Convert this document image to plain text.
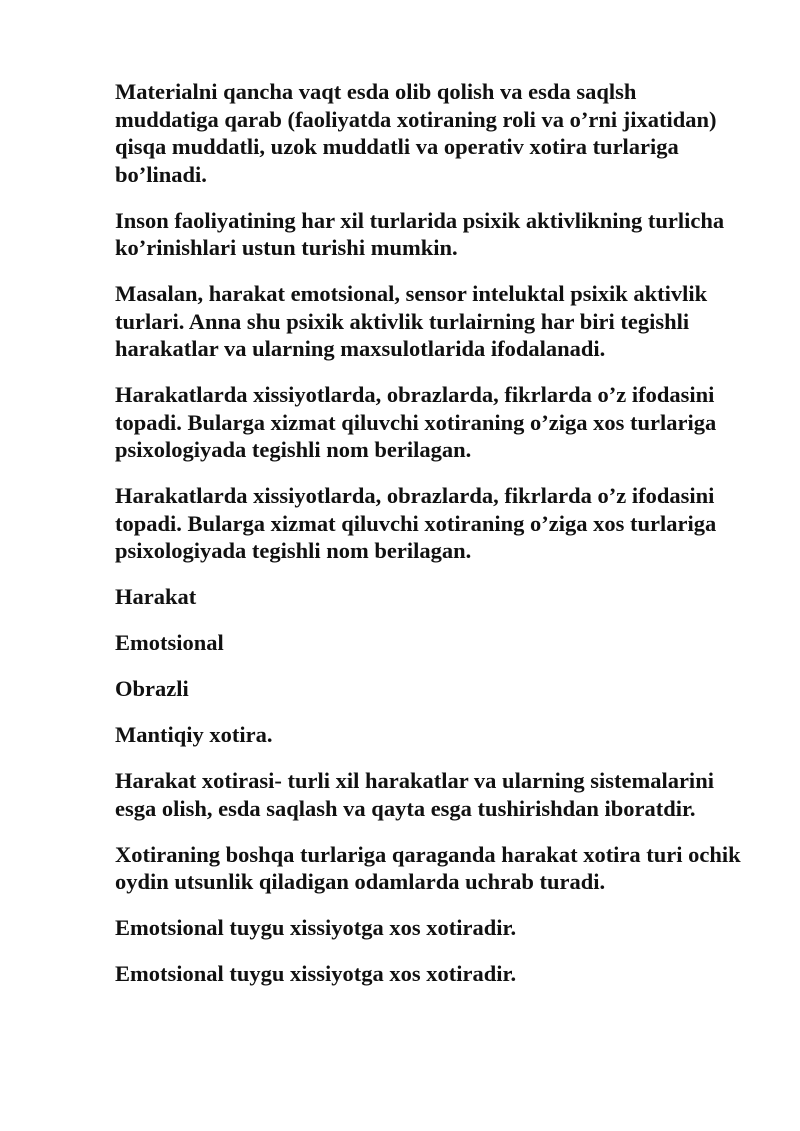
Materialni qancha vaqt esda olib qolish va esda saqlsh muddatiga qarab (faoliyatda xotiraning roli va o’rni jixatidan) qisqa muddatli, uzok muddatli va operativ xotira turlariga bo’linadi.

Inson faoliyatining har xil turlarida psixik aktivlikning turlicha ko’rinishlari ustun turishi mumkin.

Masalan, harakat emotsional, sensor inteluktal psixik aktivlik turlari. Anna shu psixik aktivlik turlairning har biri tegishli harakatlar va ularning maxsulotlarida ifodalanadi.

Harakatlarda xissiyotlarda, obrazlarda, fikrlarda o’z ifodasini topadi. Bularga xizmat qiluvchi xotiraning o’ziga xos turlariga psixologiyada tegishli nom berilagan.

Harakatlarda xissiyotlarda, obrazlarda, fikrlarda o’z ifodasini topadi. Bularga xizmat qiluvchi xotiraning o’ziga xos turlariga psixologiyada tegishli nom berilagan.

Harakat

Emotsional

Obrazli

Mantiqiy xotira.

Harakat xotirasi- turli xil harakatlar va ularning sistemalarini esga olish, esda saqlash va qayta esga tushirishdan iboratdir.

Xotiraning boshqa turlariga qaraganda harakat xotira turi ochik oydin utsunlik qiladigan odamlarda uchrab turadi.

Emotsional tuygu xissiyotga xos xotiradir.

Emotsional tuygu xissiyotga xos xotiradir.
